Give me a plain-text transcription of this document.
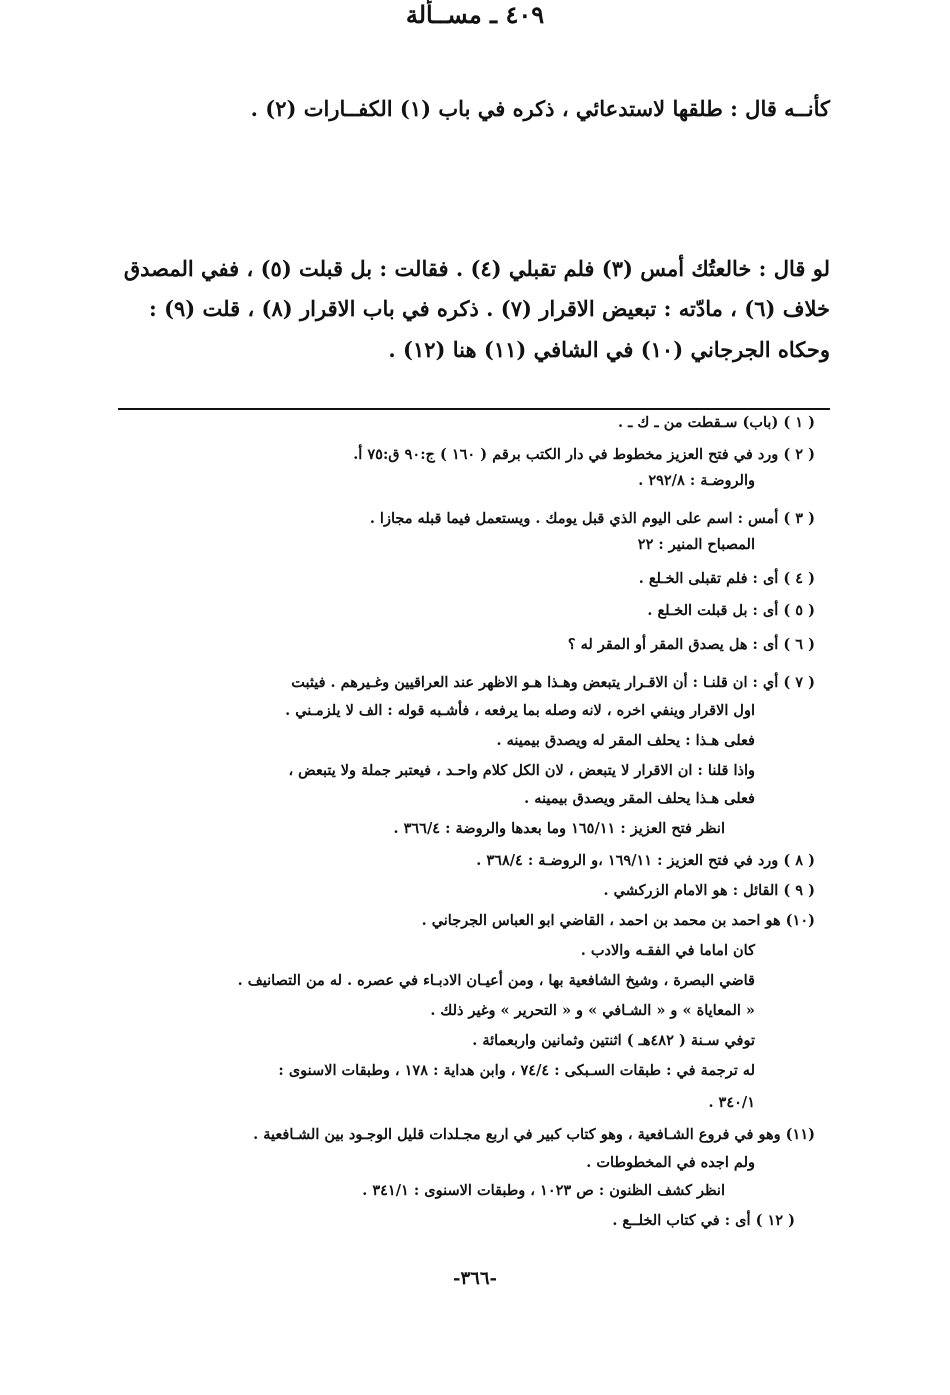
كأنــه قال : طلقها لاستدعائي ، ذكره في باب (١) الكفــارات (٢) .
٤٠٩ ـ مســألة
لو قال : خالعتُك أمس (٣) فلم تقبلي (٤) . فقالت : بل قبلت (٥) ، ففي المصدق
خلاف (٦) ، مادّته : تبعيض الاقرار (٧) . ذكره في باب الاقرار (٨) ، قلت (٩) :
وحكاه الجرجاني (١٠) في الشافي (١١) هنا (١٢) .
( ١ ) (باب) سـقطت من ـ ك ـ .
( ٢ ) ورد في فتح العزيز مخطوط في دار الكتب برقم ( ١٦٠ ) ج:٩٠ ق:٧٥ أ.
والروضـة : ٢٩٢/٨ .
( ٣ ) أمس : اسم على اليوم الذي قبل يومك . ويستعمل فيما قبله مجازا .
المصباح المنير : ٢٢
( ٤ ) أى : فلم تقبلى الخـلع .
( ٥ ) أى : بل قبلت الخـلع .
( ٦ ) أى : هل يصدق المقر أو المقر له ؟
( ٧ ) أي : ان قلنـا : أن الاقـرار يتبعض وهـذا هـو الاظهر عند العراقيين وغـيرهم . فيثبت
اول الاقرار وينفي اخره ، لانه وصله بما يرفعه ، فأشـبه قوله : الف لا يلزمـني .
فعلى هـذا : يحلف المقر له ويصدق بيمينه .
واذا قلنا : ان الاقرار لا يتبعض ، لان الكل كلام واحـد ، فيعتبر جملة ولا يتبعض ،
فعلى هـذا يحلف المقر ويصدق بيمينه .
انظر فتح العزيز : ١٦٥/١١ وما بعدها والروضة : ٣٦٦/٤ .
( ٨ ) ورد في فتح العزيز : ١٦٩/١١ ،و الروضـة : ٣٦٨/٤ .
( ٩ ) القائل : هو الامام الزركشي .
(١٠) هو احمد بن محمد بن احمد ، القاضي ابو العباس الجرجاني .
كان اماما في الفقـه والادب .
قاضي البصرة ، وشيخ الشافعية بها ، ومن أعيـان الادبـاء في عصره . له من التصانيف .
« المعاياة » و « الشـافي » و « التحرير » وغير ذلك .
توفي سـنة ( ٤٨٢هـ ) اثنتين وثمانين واربعمائة .
له ترجمة في : طبقات السـبكى : ٧٤/٤ ، وابن هداية : ١٧٨ ، وطبقات الاسنوى :
٣٤٠/١ .
(١١) وهو في فروع الشـافعية ، وهو كتاب كبير في اربع مجـلدات قليل الوجـود بين الشـافعية .
ولم اجده في المخطوطات .
انظر كشف الظنون : ص ١٠٢٣ ، وطبقات الاسنوى : ٣٤١/١ .
( ١٢ ) أى : في كتاب الخلــع .
-٣٦٦-
